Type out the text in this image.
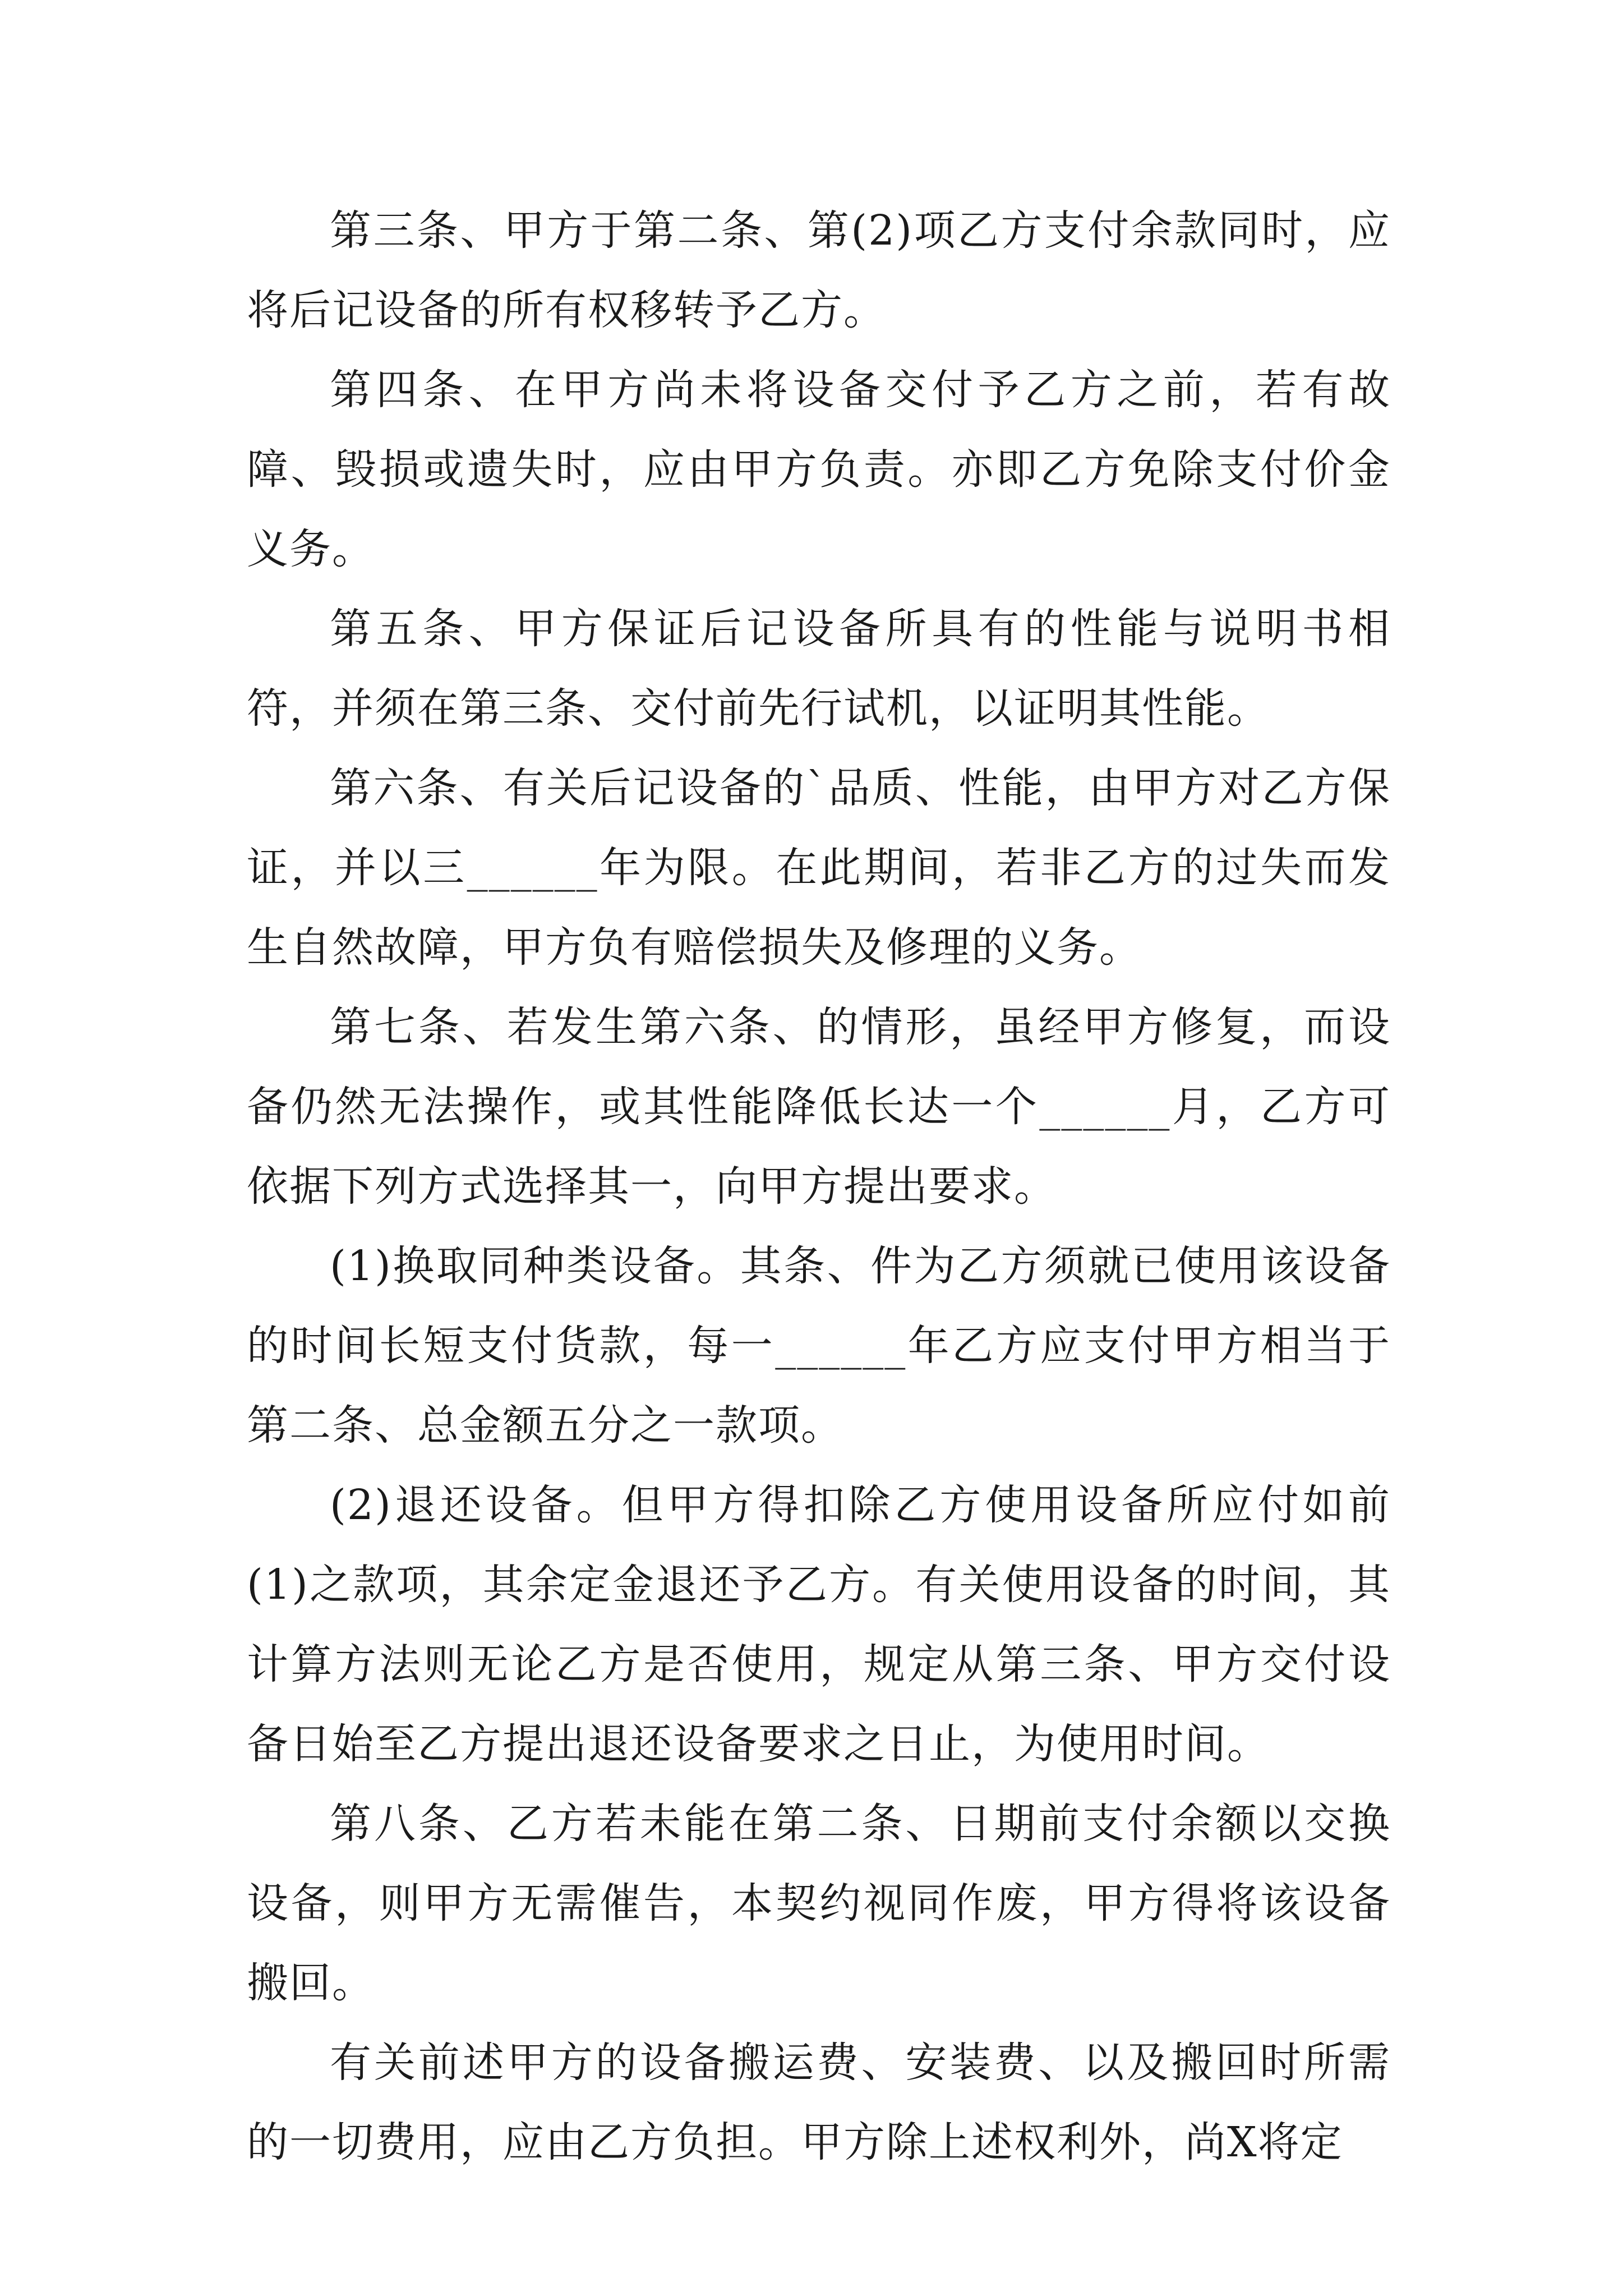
第三条、甲方于第二条、第(2)项乙方支付余款同时，应将后记设备的所有权移转予乙方。

第四条、在甲方尚未将设备交付予乙方之前，若有故障、毁损或遗失时，应由甲方负责。亦即乙方免除支付价金义务。

第五条、甲方保证后记设备所具有的性能与说明书相符，并须在第三条、交付前先行试机，以证明其性能。

第六条、有关后记设备的`品质、性能，由甲方对乙方保证，并以三______年为限。在此期间，若非乙方的过失而发生自然故障，甲方负有赔偿损失及修理的义务。

第七条、若发生第六条、的情形，虽经甲方修复，而设备仍然无法操作，或其性能降低长达一个______月，乙方可依据下列方式选择其一，向甲方提出要求。

(1)换取同种类设备。其条、件为乙方须就已使用该设备的时间长短支付货款，每一______年乙方应支付甲方相当于第二条、总金额五分之一款项。

(2)退还设备。但甲方得扣除乙方使用设备所应付如前(1)之款项，其余定金退还予乙方。有关使用设备的时间，其计算方法则无论乙方是否使用，规定从第三条、甲方交付设备日始至乙方提出退还设备要求之日止，为使用时间。

第八条、乙方若未能在第二条、日期前支付余额以交换设备，则甲方无需催告，本契约视同作废，甲方得将该设备搬回。

有关前述甲方的设备搬运费、安装费、以及搬回时所需的一切费用，应由乙方负担。甲方除上述权利外，尚X将定
